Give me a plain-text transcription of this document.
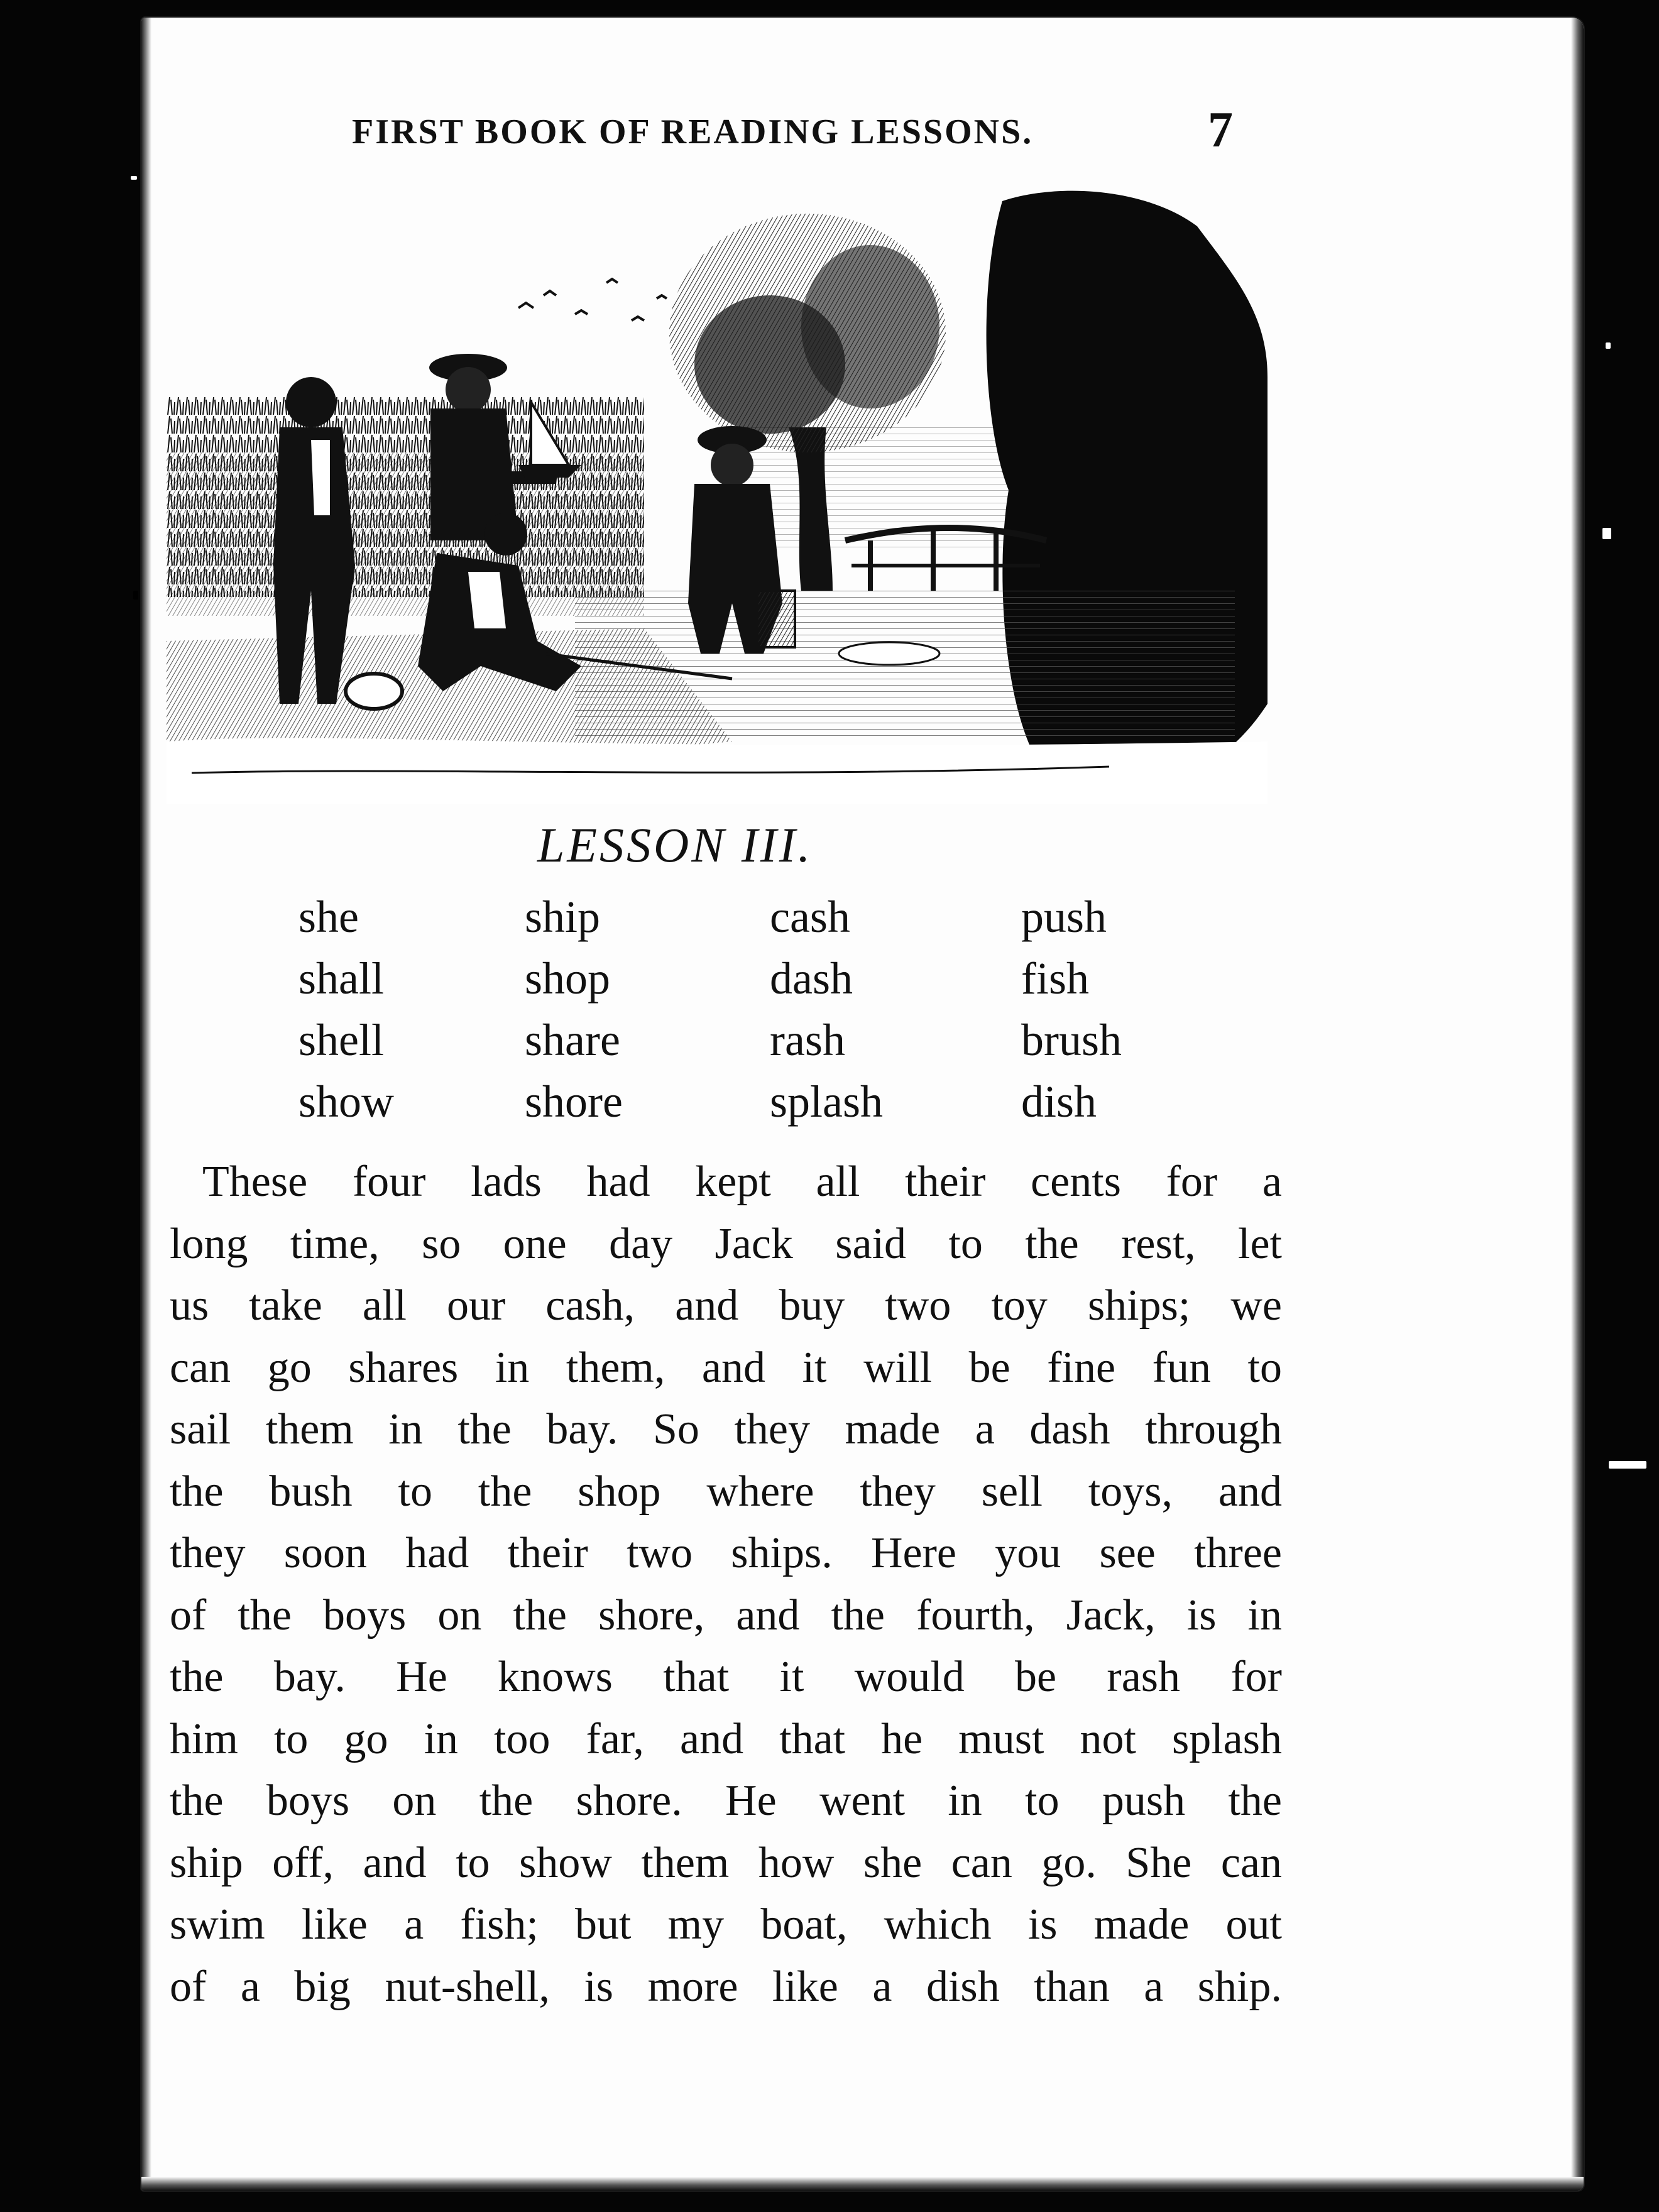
FIRST BOOK OF READING LESSONS.	7
LESSON III.
she	ship	cash	push
shall	shop	dash	fish
shell	share	rash	brush
show	shore	splash	dish
These four lads had kept all their cents for a
long time, so one day Jack said to the rest, let
us take all our cash, and buy two toy ships; we
can go shares in them, and it will be fine fun to
sail them in the bay. So they made a dash through
the bush to the shop where they sell toys, and
they soon had their two ships. Here you see three
of the boys on the shore, and the fourth, Jack, is in
the bay. He knows that it would be rash for
him to go in too far, and that he must not splash
the boys on the shore. He went in to push the
ship off, and to show them how she can go. She can
swim like a fish; but my boat, which is made out
of a big nut-shell, is more like a dish than a ship.
